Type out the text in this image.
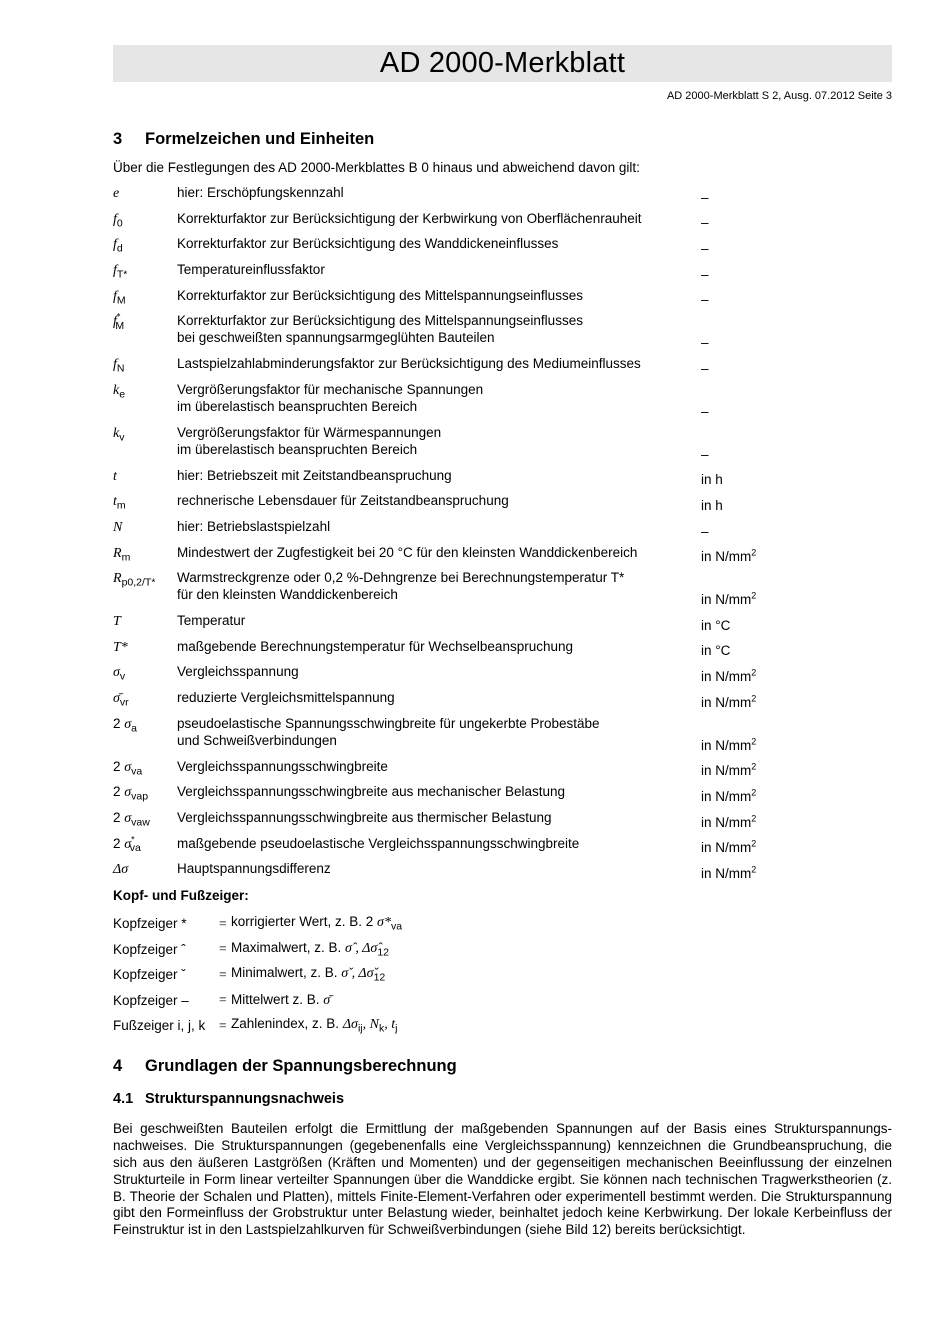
AD 2000-Merkblatt
AD 2000-Merkblatt S 2, Ausg. 07.2012 Seite 3
3	Formelzeichen und Einheiten
Über die Festlegungen des AD 2000-Merkblattes B 0 hinaus und abweichend davon gilt:
e	hier: Erschöpfungskennzahl	–
$f_0$	Korrekturfaktor zur Berücksichtigung der Kerbwirkung von Oberflächenrauheit	–
$f_d$	Korrekturfaktor zur Berücksichtigung des Wanddickeneinflusses	–
$f_{T*}$	Temperatureinflussfaktor	–
$f_M$	Korrekturfaktor zur Berücksichtigung des Mittelspannungseinflusses	–
$f^*_M$	Korrekturfaktor zur Berücksichtigung des Mittelspannungseinflusses
bei geschweißten spannungsarmgeglühten Bauteilen	–
$f_N$	Lastspielzahlabminderungsfaktor zur Berücksichtigung des Mediumeinflusses	–
$k_e$	Vergrößerungsfaktor für mechanische Spannungen
im überelastisch beanspruchten Bereich	–
$k_v$	Vergrößerungsfaktor für Wärmespannungen
im überelastisch beanspruchten Bereich	–
t	hier: Betriebszeit mit Zeitstandbeanspruchung	in h
$t_m$	rechnerische Lebensdauer für Zeitstandbeanspruchung	in h
N	hier: Betriebslastspielzahl	–
$R_m$	Mindestwert der Zugfestigkeit bei 20 °C für den kleinsten Wanddickenbereich	in $N/mm^2$
$R_{p0,2/T*}$	Warmstreckgrenze oder 0,2 %-Dehngrenze bei Berechnungstemperatur T*
für den kleinsten Wanddickenbereich	in $N/mm^2$
T	Temperatur	in °C
T*	maßgebende Berechnungstemperatur für Wechselbeanspruchung	in °C
$\sigma_v$	Vergleichsspannung	in $N/mm^2$
$\sigmā_{vr}$	reduzierte Vergleichsmittelspannung	in $N/mm^2$
2 $\sigma_a$	pseudoelastische Spannungsschwingbreite für ungekerbte Probestäbe
und Schweißverbindungen	in $N/mm^2$
2 $\sigma_{va}$	Vergleichsspannungsschwingbreite	in $N/mm^2$
2 $\sigma_{vap}$	Vergleichsspannungsschwingbreite aus mechanischer Belastung	in $N/mm^2$
2 $\sigma_{vaw}$	Vergleichsspannungsschwingbreite aus thermischer Belastung	in $N/mm^2$
2 $\sigma^*_{va}$	maßgebende pseudoelastische Vergleichsspannungsschwingbreite	in $N/mm^2$
Δσ	Hauptspannungsdifferenz	in $N/mm^2$
Kopf- und Fußzeiger:
Kopfzeiger *	= korrigierter Wert, z. B. 2 $\sigma*_{va}$
Kopfzeiger ˆ	= Maximalwert, z. B. σ̂ , $\Delta\sigmâ_{12}$
Kopfzeiger ˇ	= Minimalwert, z. B. σ̌ , $\Delta\sigmǎ_{12}$
Kopfzeiger –	= Mittelwert z. B. σ̄
Fußzeiger i, j, k	= Zahlenindex, z. B. $\Delta\sigma_{ij}$, $N_k$, $t_j$
4	Grundlagen der Spannungsberechnung
4.1 Strukturspannungsnachweis
Bei geschweißten Bauteilen erfolgt die Ermittlung der maßgebenden Spannungen auf der Basis eines Strukturspannungs-nachweises. Die Strukturspannungen (gegebenenfalls eine Vergleichsspannung) kennzeichnen die Grundbeanspruchung, die sich aus den äußeren Lastgrößen (Kräften und Momenten) und der gegenseitigen mechanischen Beeinflussung der einzelnen Strukturteile in Form linear verteilter Spannungen über die Wanddicke ergibt. Sie können nach technischen Tragwerkstheorien (z. B. Theorie der Schalen und Platten), mittels Finite-Element-Verfahren oder experimentell bestimmt werden. Die Strukturspannung gibt den Formeinfluss der Grobstruktur unter Belastung wieder, beinhaltet jedoch keine Kerbwirkung. Der lokale Kerbeinfluss der Feinstruktur ist in den Lastspielzahlkurven für Schweißverbindungen (siehe Bild 12) bereits berücksichtigt.
